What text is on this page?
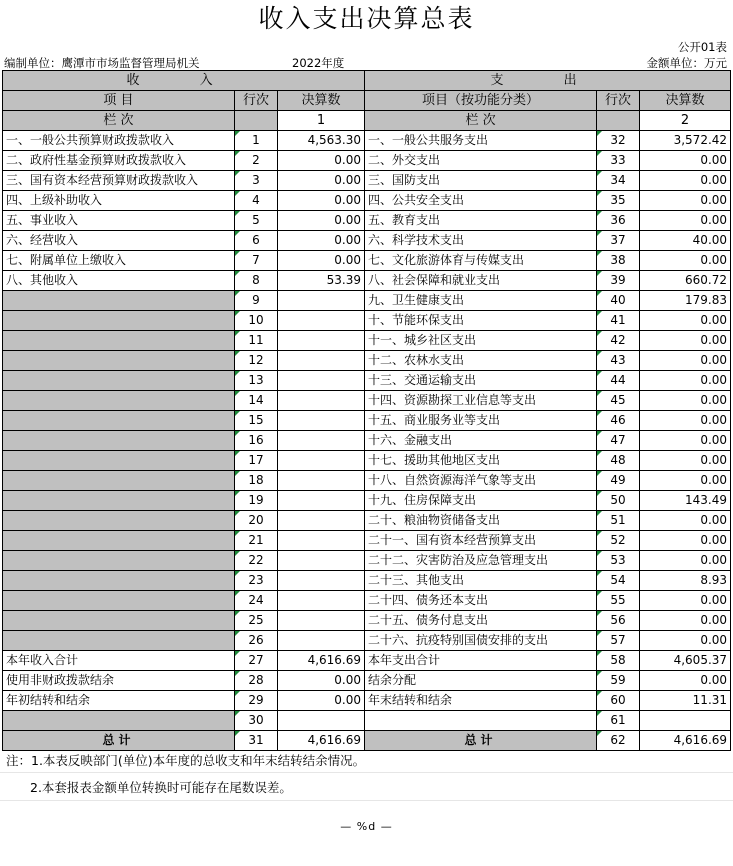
收入支出决算总表
公开01表
编制单位：鹰潭市市场监督管理局机关	2022年度	金额单位：万元
收 入			支 出		
项 目	行次	决算数	项目（按功能分类）	行次	决算数
栏 次		1	栏 次		2
一、一般公共预算财政拨款收入	1	4,563.30	一、一般公共服务支出	32	3,572.42
二、政府性基金预算财政拨款收入	2	0.00	二、外交支出	33	0.00
三、国有资本经营预算财政拨款收入	3	0.00	三、国防支出	34	0.00
四、上级补助收入	4	0.00	四、公共安全支出	35	0.00
五、事业收入	5	0.00	五、教育支出	36	0.00
六、经营收入	6	0.00	六、科学技术支出	37	40.00
七、附属单位上缴收入	7	0.00	七、文化旅游体育与传媒支出	38	0.00
八、其他收入	8	53.39	八、社会保障和就业支出	39	660.72
	9		九、卫生健康支出	40	179.83
	10		十、节能环保支出	41	0.00
	11		十一、城乡社区支出	42	0.00
	12		十二、农林水支出	43	0.00
	13		十三、交通运输支出	44	0.00
	14		十四、资源勘探工业信息等支出	45	0.00
	15		十五、商业服务业等支出	46	0.00
	16		十六、金融支出	47	0.00
	17		十七、援助其他地区支出	48	0.00
	18		十八、自然资源海洋气象等支出	49	0.00
	19		十九、住房保障支出	50	143.49
	20		二十、粮油物资储备支出	51	0.00
	21		二十一、国有资本经营预算支出	52	0.00
	22		二十二、灾害防治及应急管理支出	53	0.00
	23		二十三、其他支出	54	8.93
	24		二十四、债务还本支出	55	0.00
	25		二十五、债务付息支出	56	0.00
	26		二十六、抗疫特别国债安排的支出	57	0.00
本年收入合计	27	4,616.69	本年支出合计	58	4,605.37
使用非财政拨款结余	28	0.00	结余分配	59	0.00
年初结转和结余	29	0.00	年末结转和结余	60	11.31
	30			61	
总计	31	4,616.69	总计	62	4,616.69
注：1.本表反映部门(单位)本年度的总收支和年末结转结余情况。
2.本套报表金额单位转换时可能存在尾数误差。
— %d —
